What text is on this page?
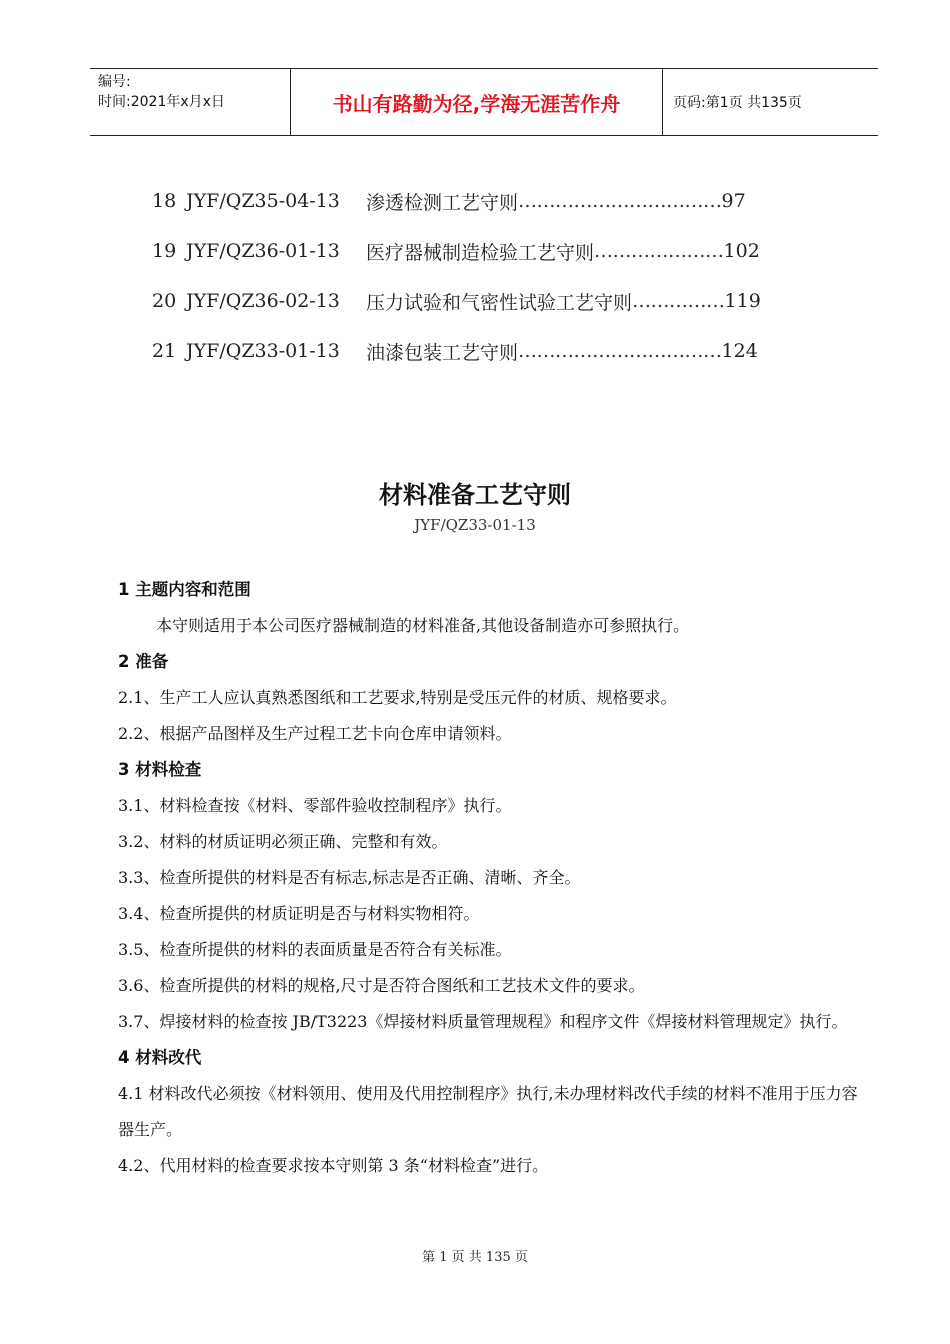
编号:
时间:2021年x月x日	书山有路勤为径,学海无涯苦作舟	页码:第1页 共135页
18 JYF/QZ35-04-13	渗透检测工艺守则 …………………………… 97
19 JYF/QZ36-01-13	医疗器械制造检验工艺守则 ………………… 102
20 JYF/QZ36-02-13	压力试验和气密性试验工艺守则 …………… 119
21 JYF/QZ33-01-13	油漆包装工艺守则 …………………………… 124
材料准备工艺守则
JYF/QZ33-01-13

1 主题内容和范围

本守则适用于本公司医疗器械制造的材料准备,其他设备制造亦可参照执行。

2 准备

2.1、生产工人应认真熟悉图纸和工艺要求,特别是受压元件的材质、规格要求。

2.2、根据产品图样及生产过程工艺卡向仓库申请领料。

3 材料检查

3.1、材料检查按《材料、零部件验收控制程序》执行。

3.2、材料的材质证明必须正确、完整和有效。

3.3、检查所提供的材料是否有标志,标志是否正确、清晰、齐全。

3.4、检查所提供的材质证明是否与材料实物相符。

3.5、检查所提供的材料的表面质量是否符合有关标准。

3.6、检查所提供的材料的规格,尺寸是否符合图纸和工艺技术文件的要求。

3.7、焊接材料的检查按 JB/T3223《焊接材料质量管理规程》和程序文件《焊接材料管理规定》执行。

4 材料改代

4.1 材料改代必须按《材料领用、使用及代用控制程序》执行,未办理材料改代手续的材料不准用于压力容器生产。

4.2、代用材料的检查要求按本守则第 3 条“材料检查”进行。

第 1 页 共 135 页
